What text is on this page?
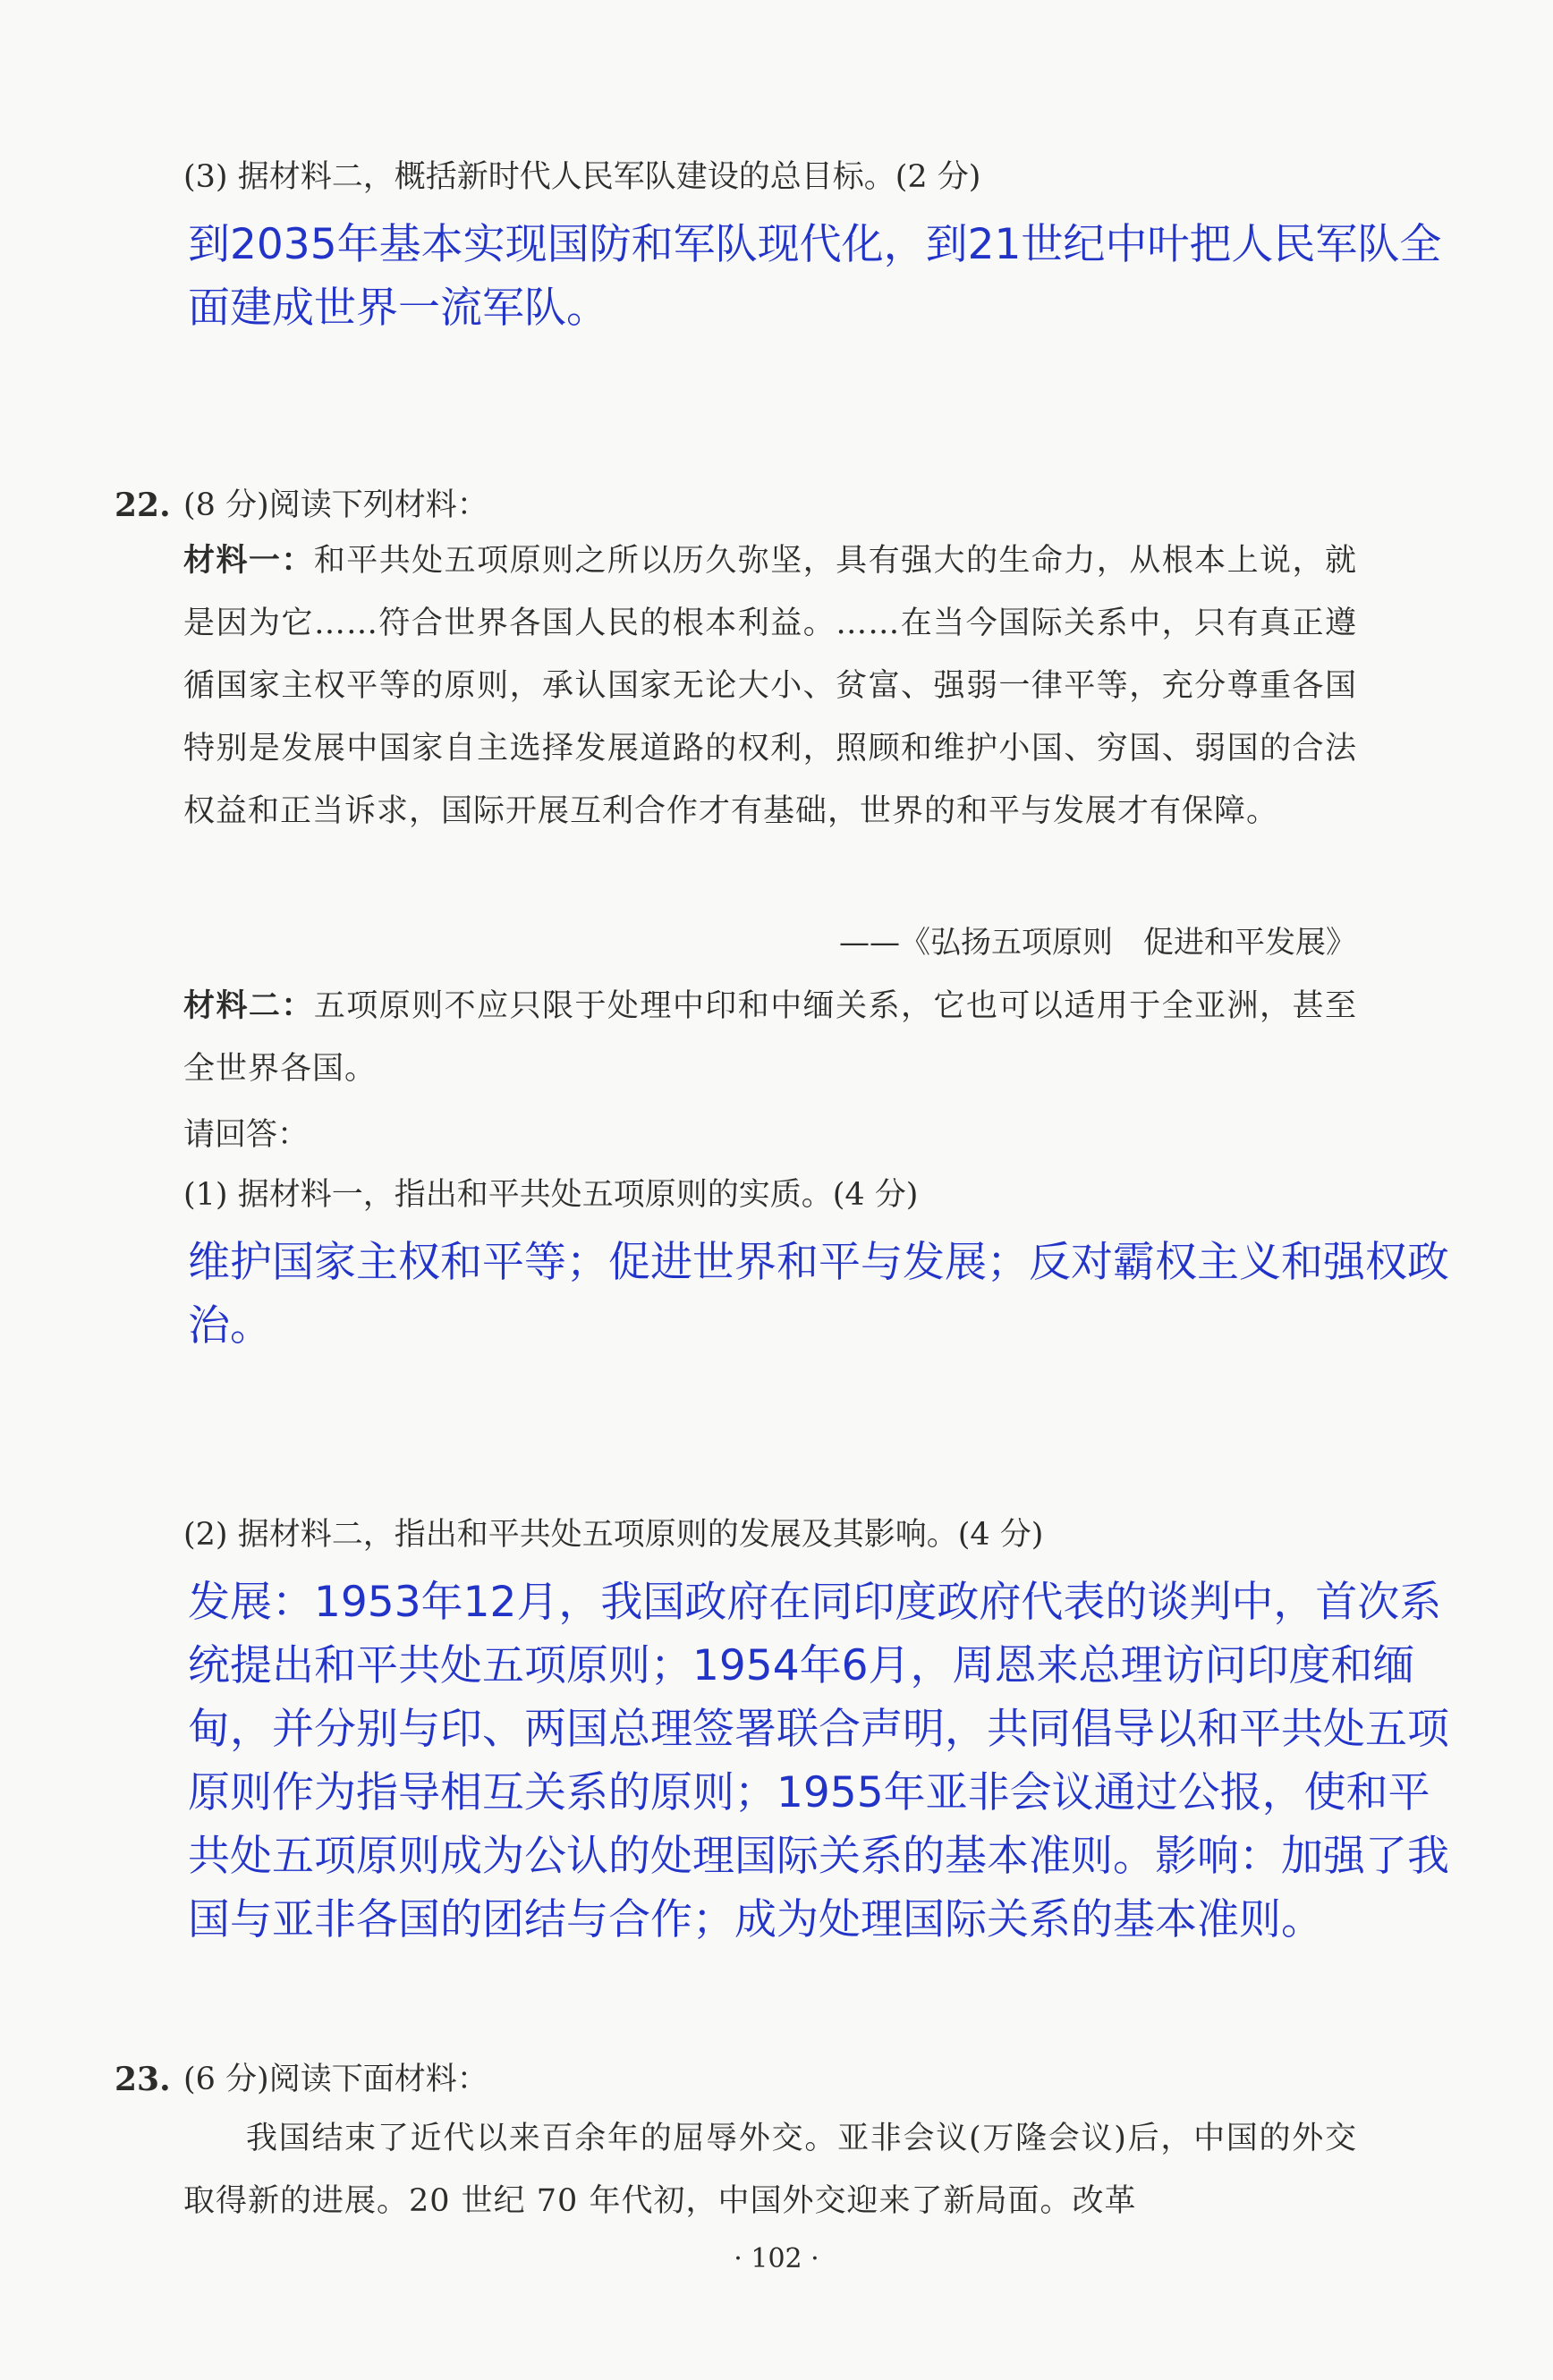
(3) 据材料二，概括新时代人民军队建设的总目标。(2 分)
到2035年基本实现国防和军队现代化，到21世纪中叶把人民军队全面建成世界一流军队。
22. (8 分)阅读下列材料：
材料一：和平共处五项原则之所以历久弥坚，具有强大的生命力，从根本上说，就是因为它……符合世界各国人民的根本利益。……在当今国际关系中，只有真正遵循国家主权平等的原则，承认国家无论大小、贫富、强弱一律平等，充分尊重各国特别是发展中国家自主选择发展道路的权利，照顾和维护小国、穷国、弱国的合法权益和正当诉求，国际开展互利合作才有基础，世界的和平与发展才有保障。
——《弘扬五项原则　促进和平发展》
材料二：五项原则不应只限于处理中印和中缅关系，它也可以适用于全亚洲，甚至全世界各国。
请回答：
(1) 据材料一，指出和平共处五项原则的实质。(4 分)
维护国家主权和平等；促进世界和平与发展；反对霸权主义和强权政治。
(2) 据材料二，指出和平共处五项原则的发展及其影响。(4 分)
发展：1953年12月，我国政府在同印度政府代表的谈判中，首次系统提出和平共处五项原则；1954年6月，周恩来总理访问印度和缅甸，并分别与印、两国总理签署联合声明，共同倡导以和平共处五项原则作为指导相互关系的原则；1955年亚非会议通过公报，使和平共处五项原则成为公认的处理国际关系的基本准则。影响：加强了我国与亚非各国的团结与合作；成为处理国际关系的基本准则。
23. (6 分)阅读下面材料：
我国结束了近代以来百余年的屈辱外交。亚非会议(万隆会议)后，中国的外交取得新的进展。20 世纪 70 年代初，中国外交迎来了新局面。改革
· 102 ·
